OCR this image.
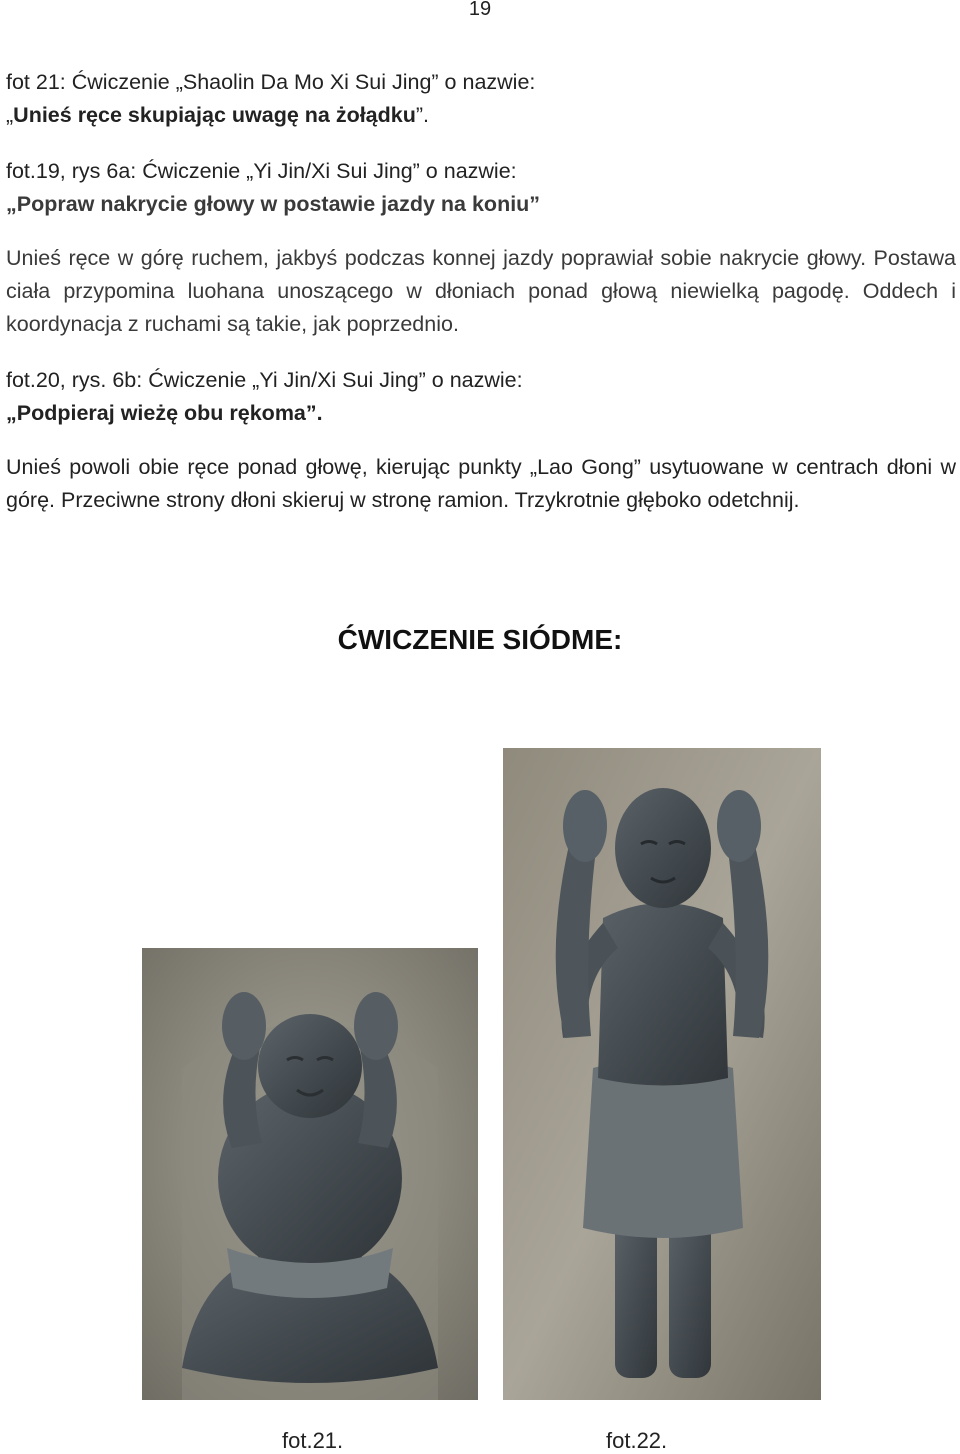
19
fot 21: Ćwiczenie „Shaolin Da Mo Xi Sui Jing” o nazwie:
„Unieś ręce skupiając uwagę na żołądku”.
fot.19, rys 6a: Ćwiczenie „Yi Jin/Xi Sui Jing” o nazwie:
„Popraw nakrycie głowy w postawie jazdy na koniu”

Unieś ręce w górę ruchem, jakbyś podczas konnej jazdy poprawiał sobie nakrycie głowy. Postawa ciała przypomina luohana unoszącego w dłoniach ponad głową niewielką pagodę. Oddech i koordynacja z ruchami są takie, jak poprzednio.

fot.20, rys. 6b: Ćwiczenie „Yi Jin/Xi Sui Jing” o nazwie:
„Podpieraj wieżę obu rękoma”.

Unieś powoli obie ręce ponad głowę, kierując punkty „Lao Gong” usytuowane w centrach dłoni w górę. Przeciwne strony dłoni skieruj w stronę ramion. Trzykrotnie głęboko odetchnij.

ĆWICZENIE SIÓDME:
fot.21.	fot.22.
